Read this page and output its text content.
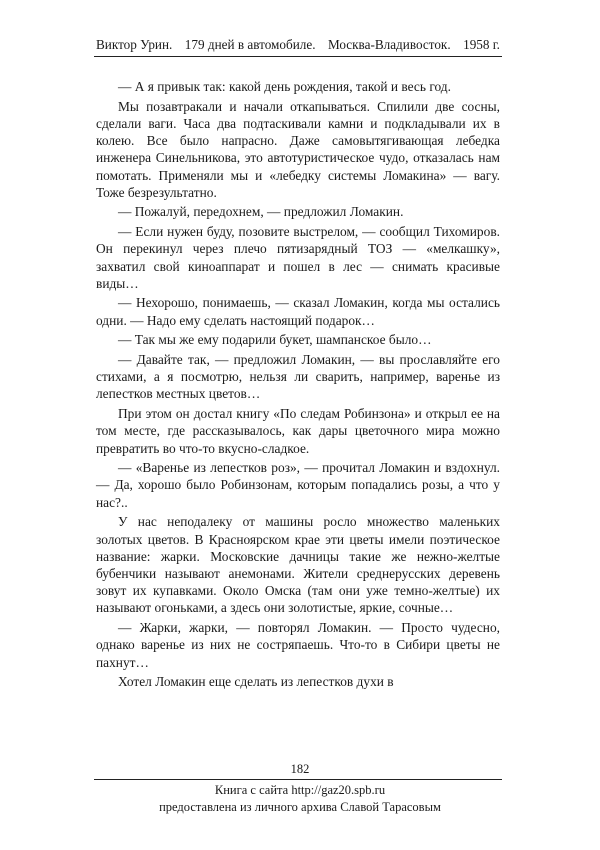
Виктор Урин. 179 дней в автомобиле. Москва-Владивосток. 1958 г.

— А я привык так: какой день рождения, такой и весь год.

Мы позавтракали и начали откапываться. Спилили две сосны, сделали ваги. Часа два подтаскивали камни и подкладывали их в колею. Все было напрасно. Даже самовытягивающая лебедка инженера Синельникова, это автотуристическое чудо, отказалась нам помотать. Применяли мы и «лебедку системы Ломакина» — вагу. Тоже безрезультатно.

— Пожалуй, передохнем, — предложил Ломакин.

— Если нужен буду, позовите выстрелом, — сообщил Тихомиров. Он перекинул через плечо пятизарядный ТОЗ — «мелкашку», захватил свой киноаппарат и пошел в лес — снимать красивые виды…

— Нехорошо, понимаешь, — сказал Ломакин, когда мы остались одни. — Надо ему сделать настоящий подарок…

— Так мы же ему подарили букет, шампанское было…

— Давайте так, — предложил Ломакин, — вы прославляйте его стихами, а я посмотрю, нельзя ли сварить, например, варенье из лепестков местных цветов…

При этом он достал книгу «По следам Робинзона» и открыл ее на том месте, где рассказывалось, как дары цветочного мира можно превратить во что-то вкусно-сладкое.

— «Варенье из лепестков роз», — прочитал Ломакин и вздохнул. — Да, хорошо было Робинзонам, которым попадались розы, а что у нас?..

У нас неподалеку от машины росло множество маленьких золотых цветов. В Красноярском крае эти цветы имели поэтическое название: жарки. Московские дачницы такие же нежно-желтые бубенчики называют анемонами. Жители среднерусских деревень зовут их купавками. Около Омска (там они уже темно-желтые) их называют огоньками, а здесь они золотистые, яркие, сочные…

— Жарки, жарки, — повторял Ломакин. — Просто чудесно, однако варенье из них не состряпаешь. Что-то в Сибири цветы не пахнут…

Хотел Ломакин еще сделать из лепестков духи в

182
Книга с сайта http://gaz20.spb.ru
предоставлена из личного архива Славой Тарасовым
